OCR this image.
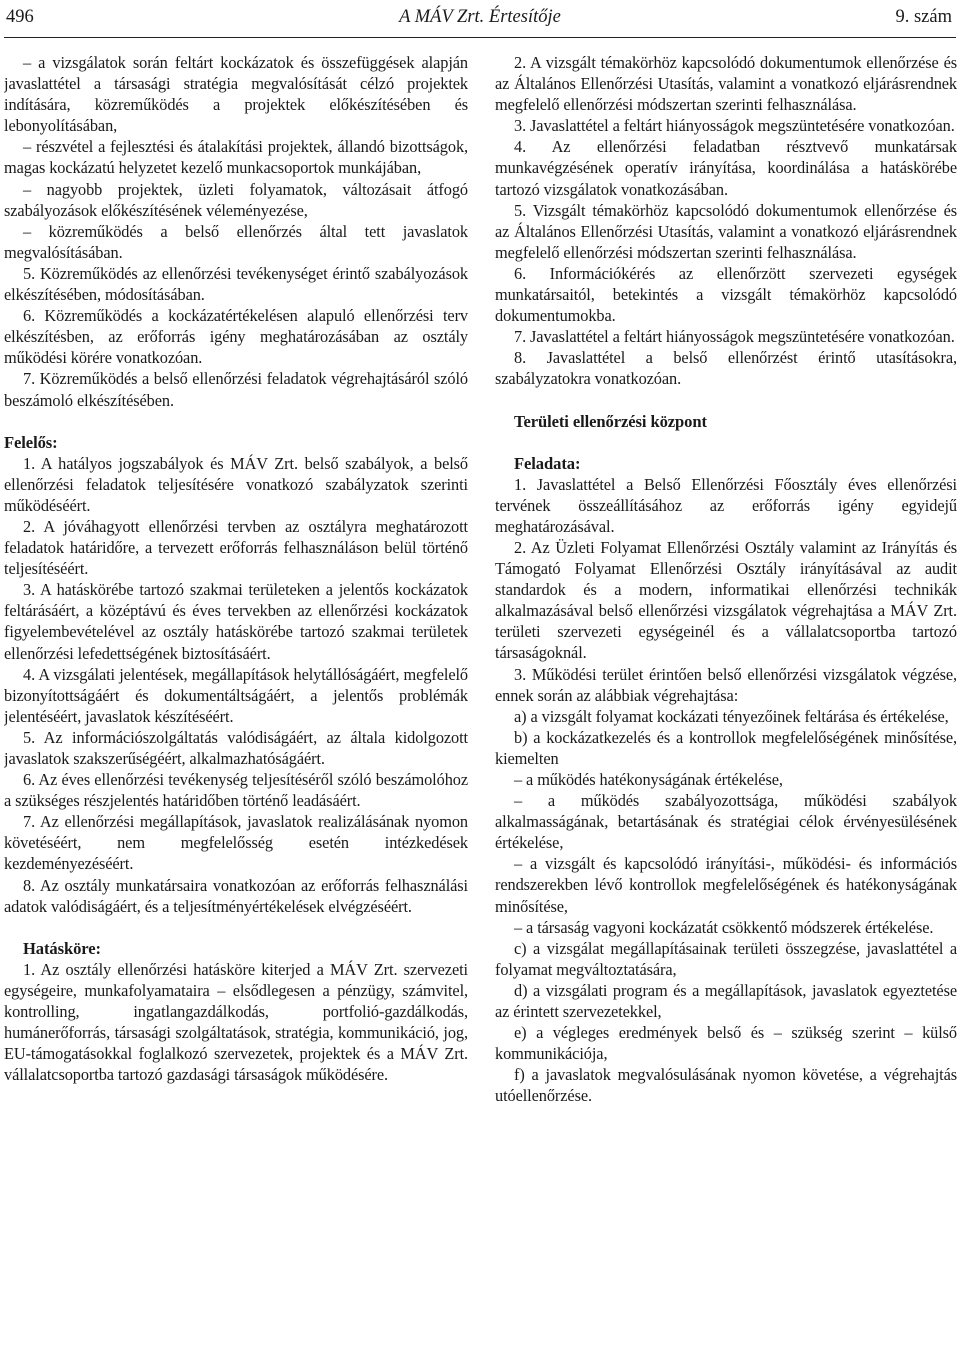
496	A MÁV Zrt. Értesítője	9. szám

– a vizsgálatok során feltárt kockázatok és összefüggések alapján javaslattétel a társasági stratégia megvalósítását célzó projektek indítására, közreműködés a projektek előkészítésében és lebonyolításában,

– részvétel a fejlesztési és átalakítási projektek, állandó bizottságok, magas kockázatú helyzetet kezelő munkacsoportok munkájában,

– nagyobb projektek, üzleti folyamatok, változásait átfogó szabályozások előkészítésének véleményezése,

– közreműködés a belső ellenőrzés által tett javaslatok megvalósításában.

5. Közreműködés az ellenőrzési tevékenységet érintő szabályozások elkészítésében, módosításában.

6. Közreműködés a kockázatértékelésen alapuló ellenőrzési terv elkészítésben, az erőforrás igény meghatározásában az osztály működési körére vonatkozóan.

7. Közreműködés a belső ellenőrzési feladatok végrehajtásáról szóló beszámoló elkészítésében.

Felelős:

1. A hatályos jogszabályok és MÁV Zrt. belső szabályok, a belső ellenőrzési feladatok teljesítésére vonatkozó szabályzatok szerinti működéséért.

2. A jóváhagyott ellenőrzési tervben az osztályra meghatározott feladatok határidőre, a tervezett erőforrás felhasználáson belül történő teljesítéséért.

3. A hatáskörébe tartozó szakmai területeken a jelentős kockázatok feltárásáért, a középtávú és éves tervekben az ellenőrzési kockázatok figyelembevételével az osztály hatáskörébe tartozó szakmai területek ellenőrzési lefedettségének biztosításáért.

4. A vizsgálati jelentések, megállapítások helytállóságáért, megfelelő bizonyítottságáért és dokumentáltságáért, a jelentős problémák jelentéséért, javaslatok készítéséért.

5. Az információszolgáltatás valódiságáért, az általa kidolgozott javaslatok szakszerűségéért, alkalmazhatóságáért.

6. Az éves ellenőrzési tevékenység teljesítéséről szóló beszámolóhoz a szükséges részjelentés határidőben történő leadásáért.

7. Az ellenőrzési megállapítások, javaslatok realizálásának nyomon követéséért, nem megfelelősség esetén intézkedések kezdeményezéséért.

8. Az osztály munkatársaira vonatkozóan az erőforrás felhasználási adatok valódiságáért, és a teljesítményértékelések elvégzéséért.

Hatásköre:

1. Az osztály ellenőrzési hatásköre kiterjed a MÁV Zrt. szervezeti egységeire, munkafolyamataira – elsődlegesen a pénzügy, számvitel, kontrolling, ingatlangazdálkodás, portfolió-gazdálkodás, humánerőforrás, társasági szolgáltatások, stratégia, kommunikáció, jog, EU-támogatásokkal foglalkozó szervezetek, projektek és a MÁV Zrt. vállalatcsoportba tartozó gazdasági társaságok működésére.

2. A vizsgált témakörhöz kapcsolódó dokumentumok ellenőrzése és az Általános Ellenőrzési Utasítás, valamint a vonatkozó eljárásrendnek megfelelő ellenőrzési módszertan szerinti felhasználása.

3. Javaslattétel a feltárt hiányosságok megszüntetésére vonatkozóan.

4. Az ellenőrzési feladatban résztvevő munkatársak munkavégzésének operatív irányítása, koordinálása a hatáskörébe tartozó vizsgálatok vonatkozásában.

5. Vizsgált témakörhöz kapcsolódó dokumentumok ellenőrzése és az Általános Ellenőrzési Utasítás, valamint a vonatkozó eljárásrendnek megfelelő ellenőrzési módszertan szerinti felhasználása.

6. Információkérés az ellenőrzött szervezeti egységek munkatársaitól, betekintés a vizsgált témakörhöz kapcsolódó dokumentumokba.

7. Javaslattétel a feltárt hiányosságok megszüntetésére vonatkozóan.

8. Javaslattétel a belső ellenőrzést érintő utasításokra, szabályzatokra vonatkozóan.

Területi ellenőrzési központ
Feladata:

1. Javaslattétel a Belső Ellenőrzési Főosztály éves ellenőrzési tervének összeállításához az erőforrás igény egyidejű meghatározásával.

2. Az Üzleti Folyamat Ellenőrzési Osztály valamint az Irányítás és Támogató Folyamat Ellenőrzési Osztály irányításával az audit standardok és a modern, informatikai ellenőrzési technikák alkalmazásával belső ellenőrzési vizsgálatok végrehajtása a MÁV Zrt. területi szervezeti egységeinél és a vállalatcsoportba tartozó társaságoknál.

3. Működési terület érintően belső ellenőrzési vizsgálatok végzése, ennek során az alábbiak végrehajtása:

a) a vizsgált folyamat kockázati tényezőinek feltárása és értékelése,

b) a kockázatkezelés és a kontrollok megfelelőségének minősítése, kiemelten

– a működés hatékonyságának értékelése,

– a működés szabályozottsága, működési szabályok alkalmasságának, betartásának és stratégiai célok érvényesülésének értékelése,

– a vizsgált és kapcsolódó irányítási-, működési- és információs rendszerekben lévő kontrollok megfelelőségének és hatékonyságának minősítése,

– a társaság vagyoni kockázatát csökkentő módszerek értékelése.

c) a vizsgálat megállapításainak területi összegzése, javaslattétel a folyamat megváltoztatására,

d) a vizsgálati program és a megállapítások, javaslatok egyeztetése az érintett szervezetekkel,

e) a végleges eredmények belső és – szükség szerint – külső kommunikációja,

f) a javaslatok megvalósulásának nyomon követése, a végrehajtás utóellenőrzése.
